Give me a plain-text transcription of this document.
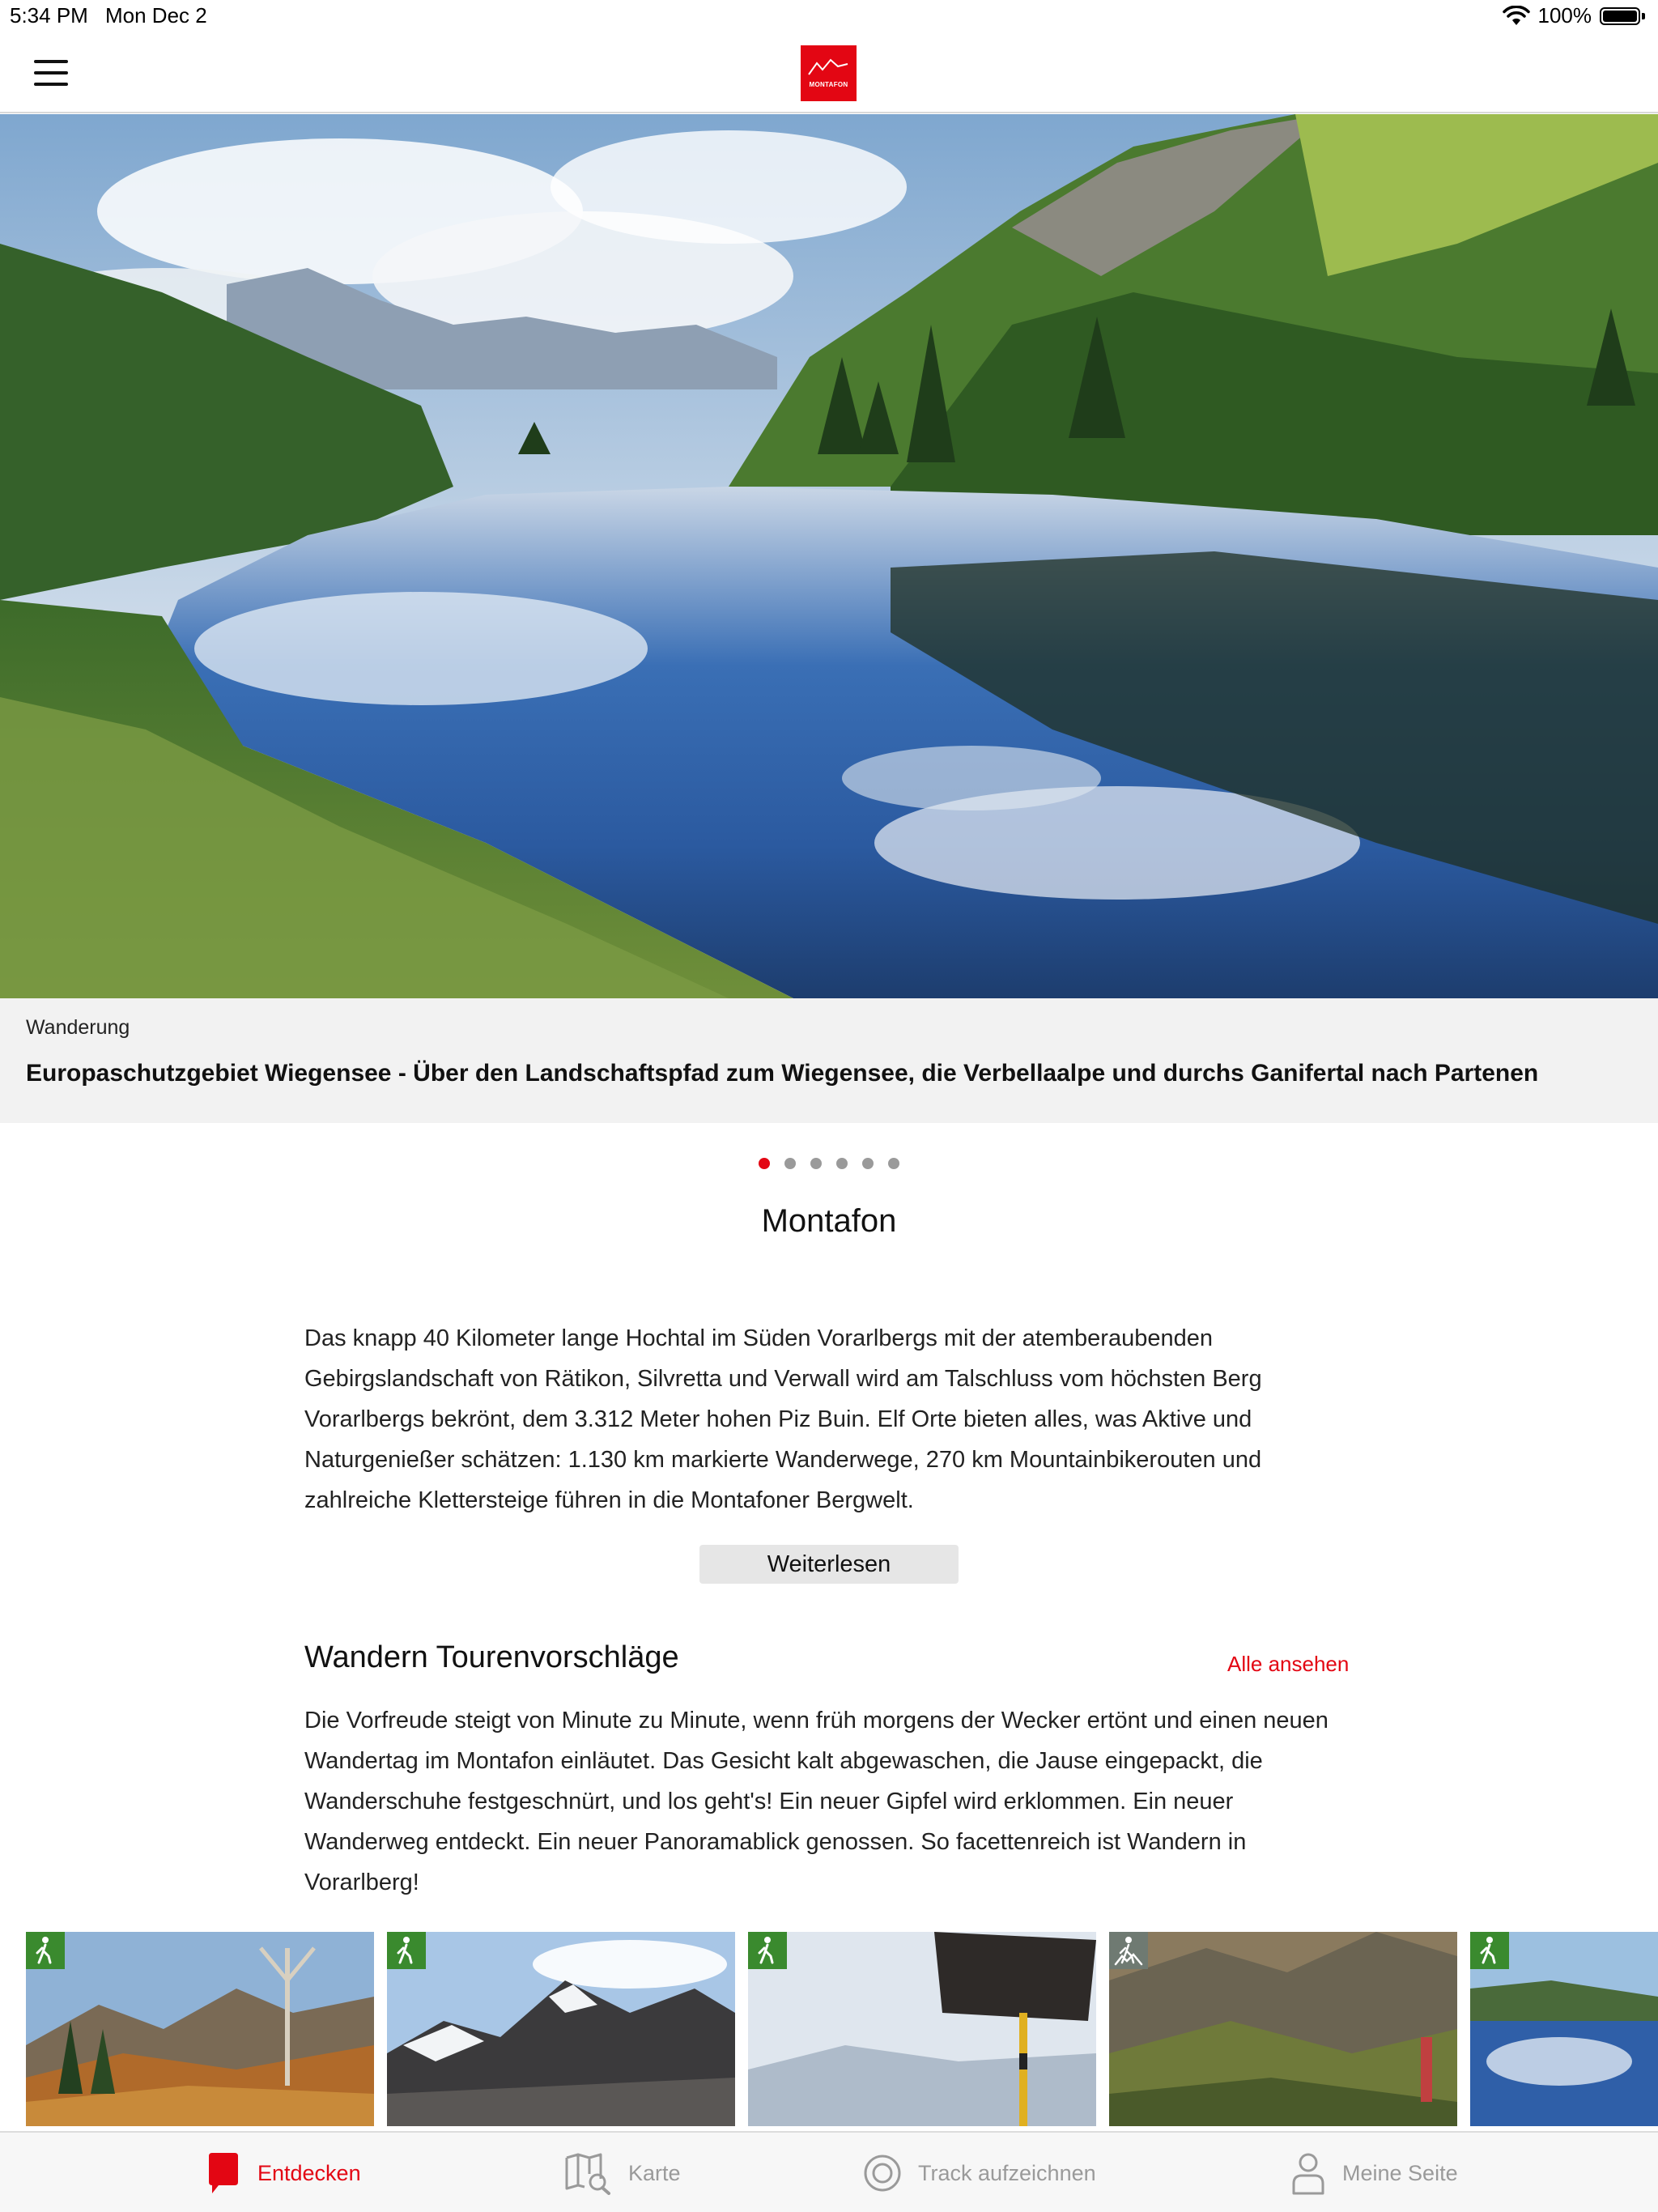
5:34 PM Mon Dec 2	100%
MONTAFON
Wanderung
Europaschutzgebiet Wiegensee - Über den Landschaftspfad zum Wiegensee, die Verbellaalpe und durchs Ganifertal nach Partenen
Montafon

Das knapp 40 Kilometer lange Hochtal im Süden Vorarlbergs mit der atemberaubenden Gebirgslandschaft von Rätikon, Silvretta und Verwall wird am Talschluss vom höchsten Berg Vorarlbergs bekrönt, dem 3.312 Meter hohen Piz Buin. Elf Orte bieten alles, was Aktive und Naturgenießer schätzen: 1.130 km markierte Wanderwege, 270 km Mountainbikerouten und zahlreiche Klettersteige führen in die Montafoner Bergwelt.

Weiterlesen
Wandern Tourenvorschläge	Alle ansehen

Die Vorfreude steigt von Minute zu Minute, wenn früh morgens der Wecker ertönt und einen neuen Wandertag im Montafon einläutet. Das Gesicht kalt abgewaschen, die Jause eingepackt, die Wanderschuhe festgeschnürt, und los geht's! Ein neuer Gipfel wird erklommen. Ein neuer Wanderweg entdeckt. Ein neuer Panoramablick genossen. So facettenreich ist Wandern in Vorarlberg!

Entdecken	Karte	Track aufzeichnen	Meine Seite
